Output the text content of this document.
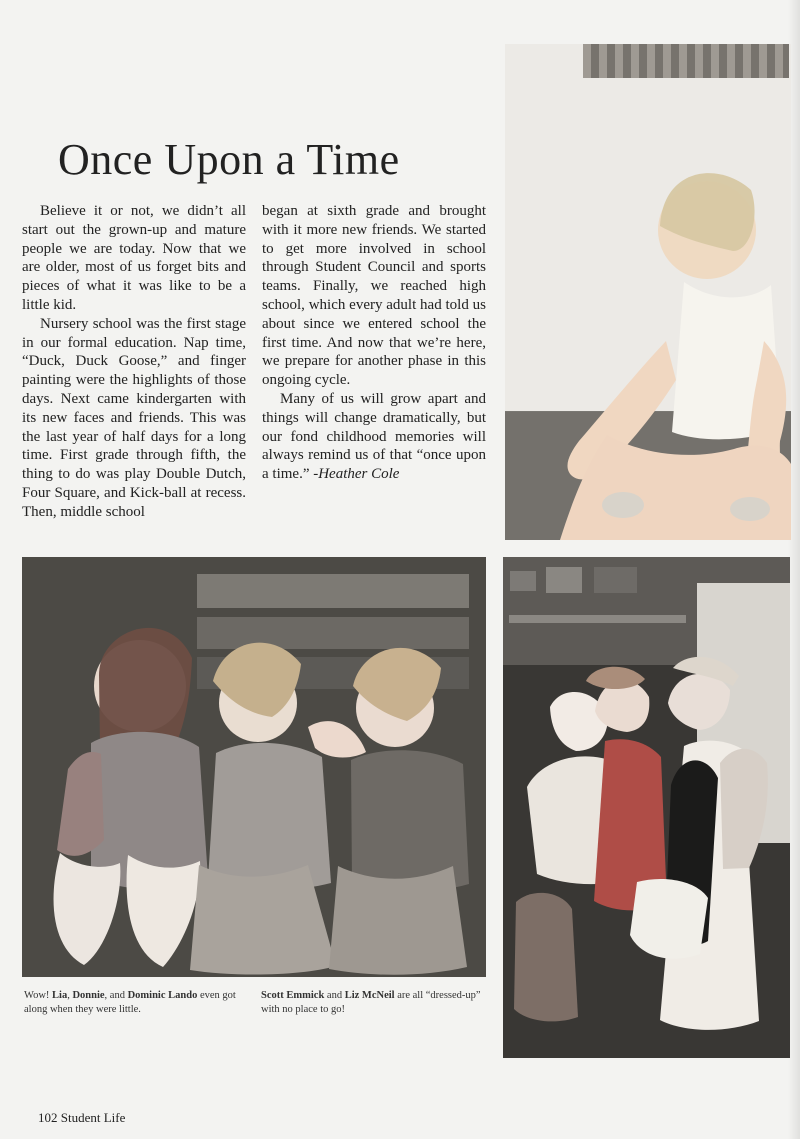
Once Upon a Time

Believe it or not, we didn’t all start out the grown-up and mature people we are today. Now that we are older, most of us forget bits and pieces of what it was like to be a little kid.

Nursery school was the first stage in our formal education. Nap time, “Duck, Duck Goose,” and finger painting were the highlights of those days. Next came kindergarten with its new faces and friends. This was the last year of half days for a long time. First grade through fifth, the thing to do was play Double Dutch, Four Square, and Kick-ball at recess. Then, middle school

began at sixth grade and brought with it more new friends. We started to get more involved in school through Student Council and sports teams. Finally, we reached high school, which every adult had told us about since we entered school the first time. And now that we’re here, we prepare for another phase in this ongoing cycle.

Many of us will grow apart and things will change dramatically, but our fond childhood memories will always remind us of that “once upon a time.” -Heather Cole

Wow! Lia, Donnie, and Dominic Lando even got along when they were little.
Scott Emmick and Liz McNeil are all “dressed-up” with no place to go!
102 Student Life
